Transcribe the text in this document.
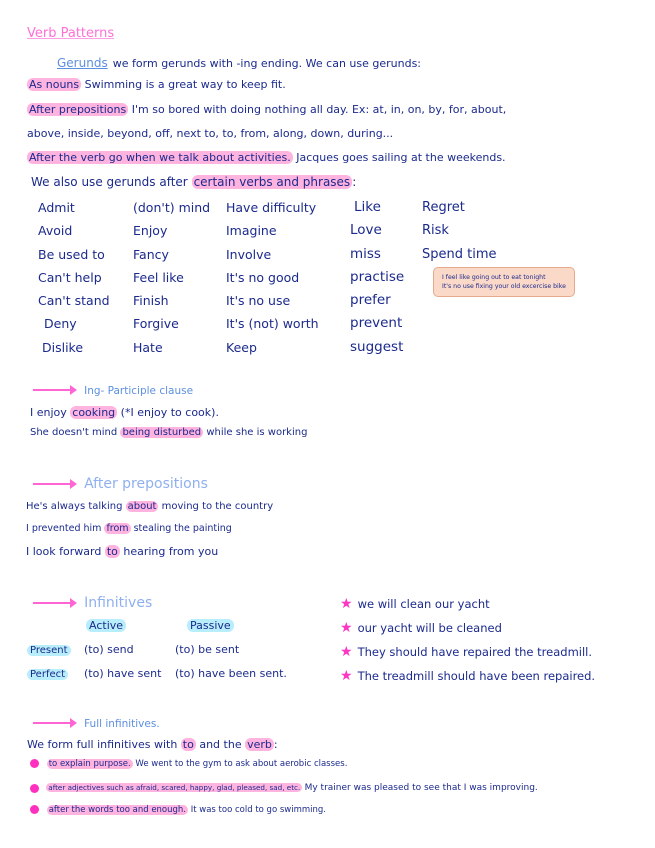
Verb Patterns
Gerunds we form gerunds with -ing ending. We can use gerunds:
As nouns Swimming is a great way to keep fit.
After prepositions I'm so bored with doing nothing all day. Ex: at, in, on, by, for, about,
above, inside, beyond, off, next to, to, from, along, down, during...
After the verb go when we talk about activities. Jacques goes sailing at the weekends.
We also use gerunds after certain verbs and phrases :
Admit
Avoid
Be used to
Can't help
Can't stand
Deny
Dislike
(don't) mind
Enjoy
Fancy
Feel like
Finish
Forgive
Hate
Have difficulty
Imagine
Involve
It's no good
It's no use
It's (not) worth
Keep
Like
Love
miss
practise
prefer
prevent
suggest
Regret
Risk
Spend time
I feel like going out to eat tonight
It's no use fixing your old excercise bike
Ing- Participle clause
I enjoy cooking (*I enjoy to cook).
She doesn't mind being disturbed while she is working
After prepositions
He's always talking about moving to the country
I prevented him from stealing the painting
I look forward to hearing from you
Infinitives
Active	Passive
Present (to) send	(to) be sent
Perfect (to) have sent (to) have been sent.
★ we will clean our yacht
★ our yacht will be cleaned
★ They should have repaired the treadmill.
★ The treadmill should have been repaired.
Full infinitives.
We form full infinitives with to and the verb :
to explain purpose. We went to the gym to ask about aerobic classes.
after adjectives such as afraid, scared, happy, glad, pleased, sad, etc. My trainer was pleased to see that I was improving.
after the words too and enough. It was too cold to go swimming.
